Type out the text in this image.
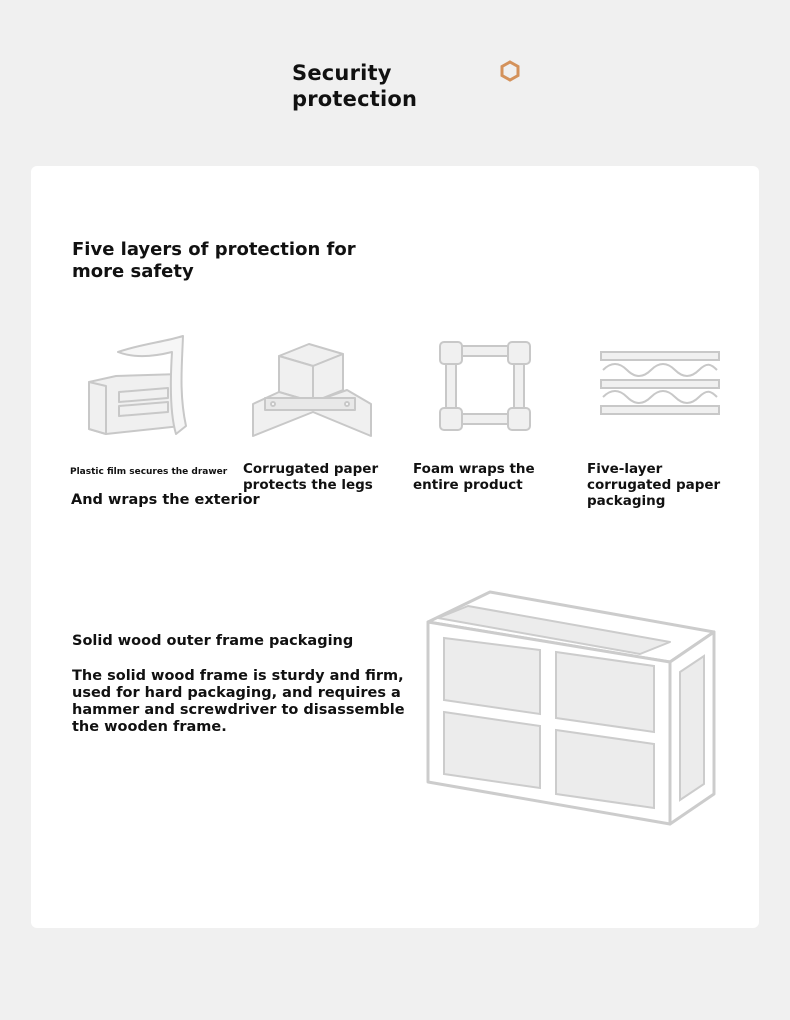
Security protection
Five layers of protection for more safety
Plastic film secures the drawer
And wraps the exterior
Corrugated paper protects the legs
Foam wraps the entire product
Five-layer corrugated paper packaging
Solid wood outer frame packaging
The solid wood frame is sturdy and firm, used for hard packaging, and requires a hammer and screwdriver to disassemble the wooden frame.
